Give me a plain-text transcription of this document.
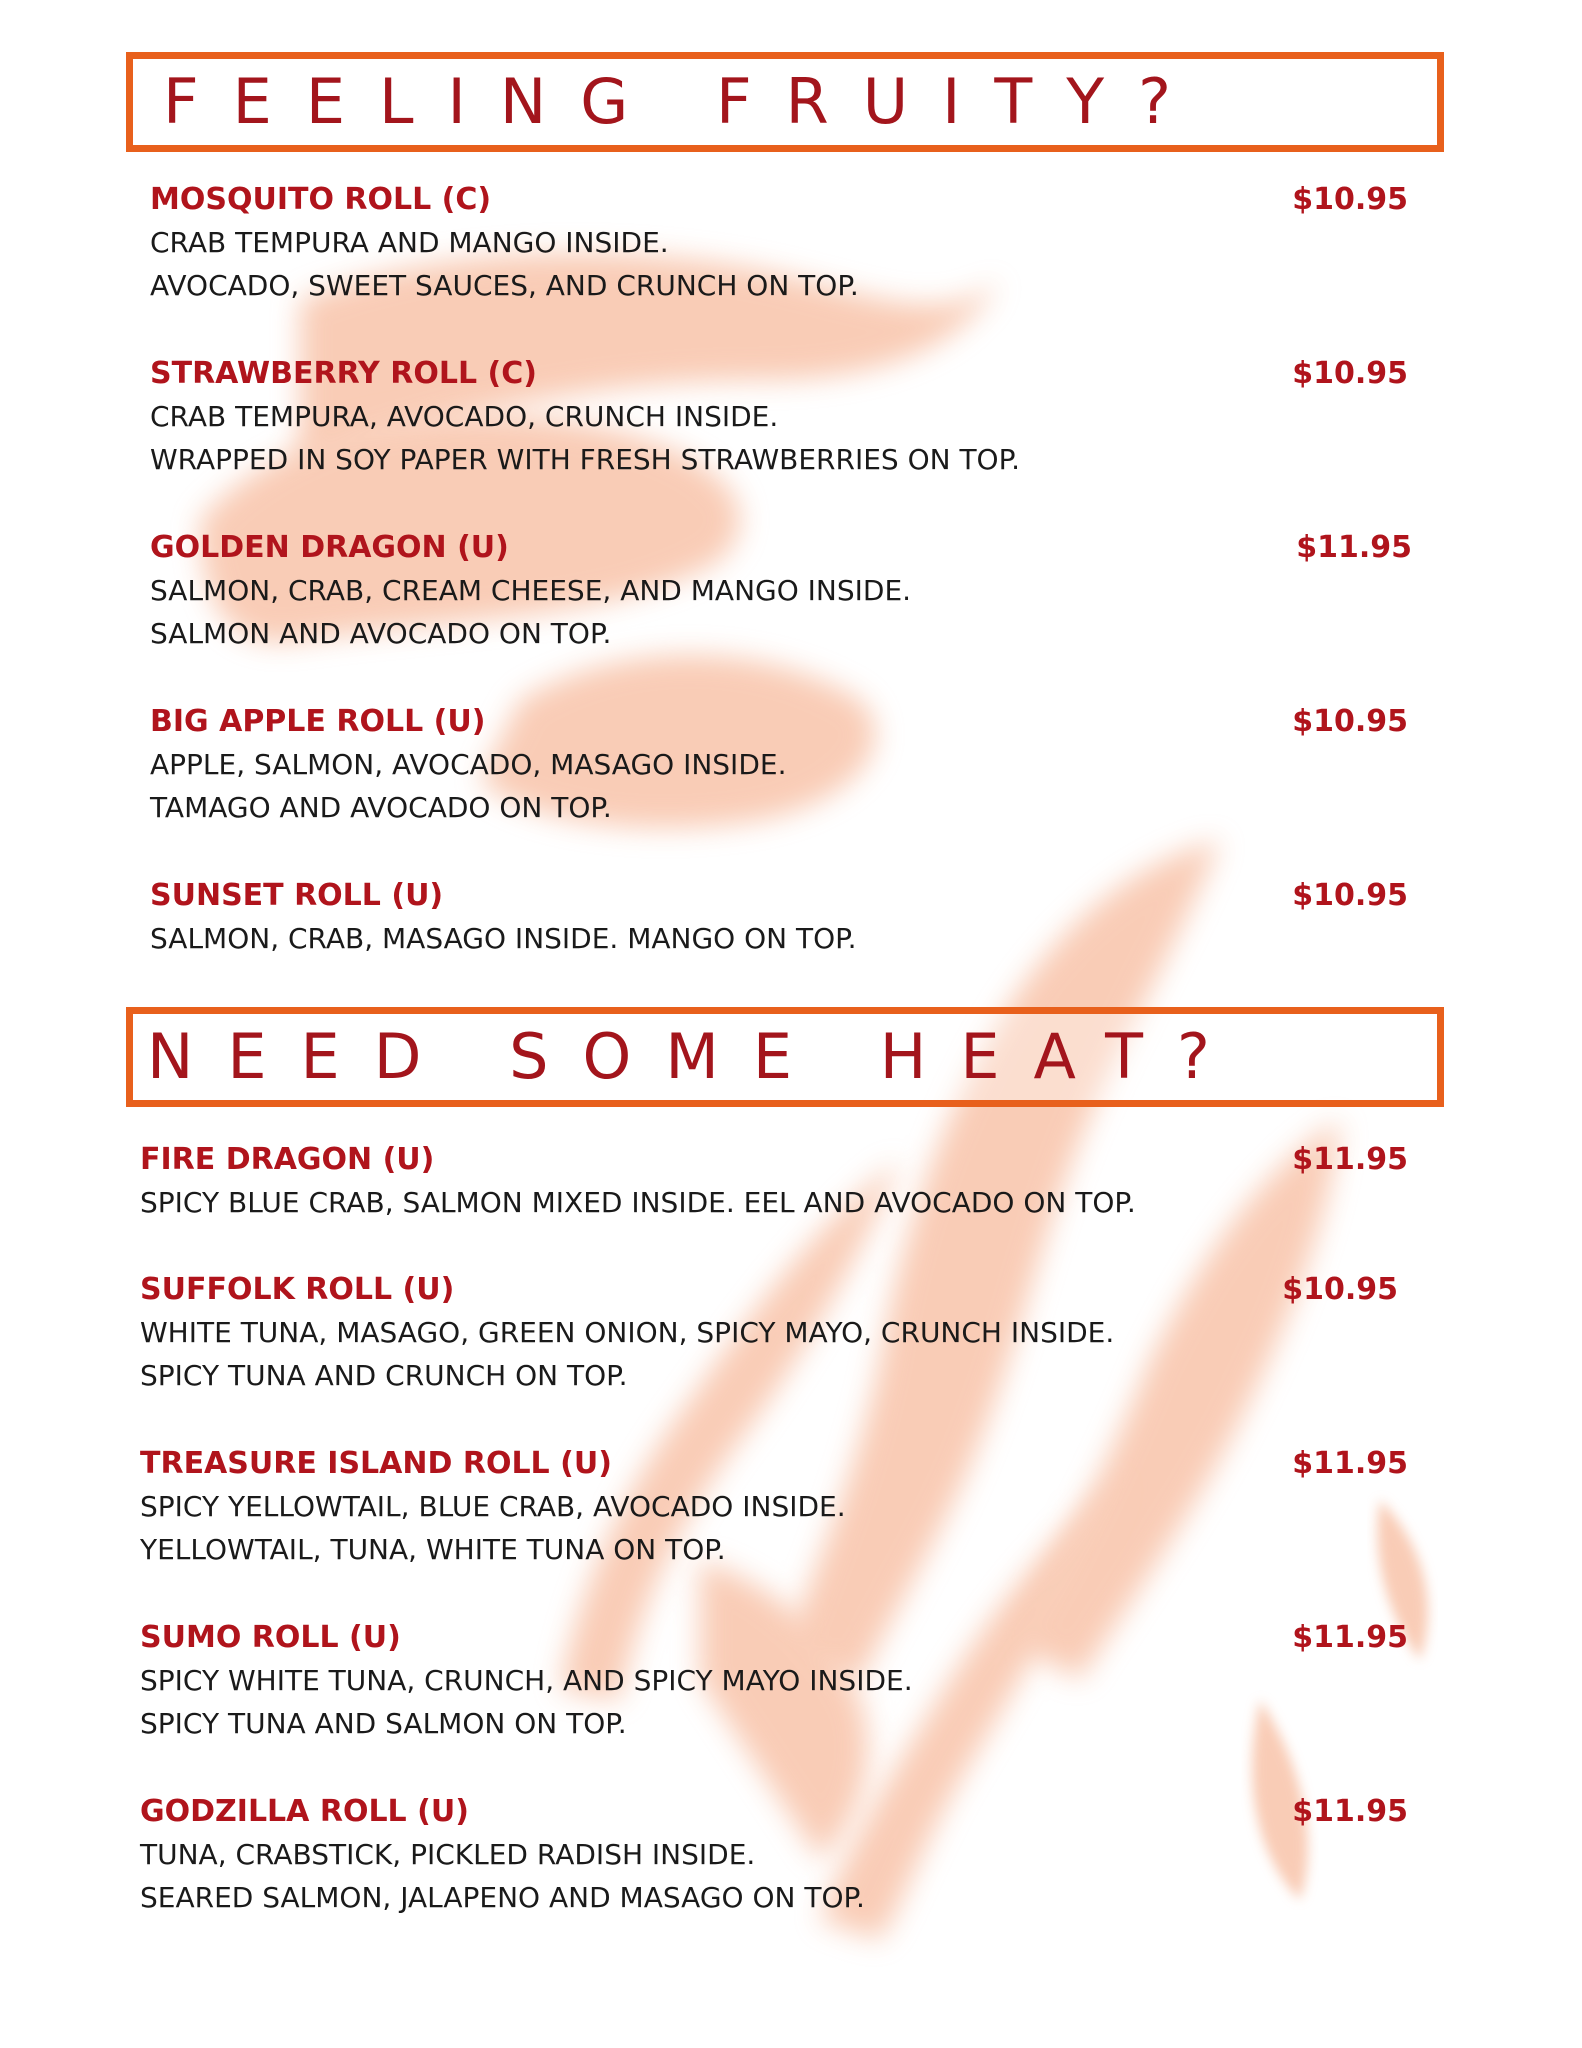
FEELING FRUITY?
MOSQUITO ROLL (C)
CRAB TEMPURA AND MANGO INSIDE.
AVOCADO, SWEET SAUCES, AND CRUNCH ON TOP.
$10.95
STRAWBERRY ROLL (C)
CRAB TEMPURA, AVOCADO, CRUNCH INSIDE.
WRAPPED IN SOY PAPER WITH FRESH STRAWBERRIES ON TOP.
$10.95
GOLDEN DRAGON (U)
SALMON, CRAB, CREAM CHEESE, AND MANGO INSIDE.
SALMON AND AVOCADO ON TOP.
$11.95
BIG APPLE ROLL (U)
APPLE, SALMON, AVOCADO, MASAGO INSIDE.
TAMAGO AND AVOCADO ON TOP.
$10.95
SUNSET ROLL (U)
SALMON, CRAB, MASAGO INSIDE. MANGO ON TOP.
$10.95
NEED SOME HEAT?
FIRE DRAGON (U)
SPICY BLUE CRAB, SALMON MIXED INSIDE. EEL AND AVOCADO ON TOP.
$11.95
SUFFOLK ROLL (U)
WHITE TUNA, MASAGO, GREEN ONION, SPICY MAYO, CRUNCH INSIDE.
SPICY TUNA AND CRUNCH ON TOP.
$10.95
TREASURE ISLAND ROLL (U)
SPICY YELLOWTAIL, BLUE CRAB, AVOCADO INSIDE.
YELLOWTAIL, TUNA, WHITE TUNA ON TOP.
$11.95
SUMO ROLL (U)
SPICY WHITE TUNA, CRUNCH, AND SPICY MAYO INSIDE.
SPICY TUNA AND SALMON ON TOP.
$11.95
GODZILLA ROLL (U)
TUNA, CRABSTICK, PICKLED RADISH INSIDE.
SEARED SALMON, JALAPENO AND MASAGO ON TOP.
$11.95
